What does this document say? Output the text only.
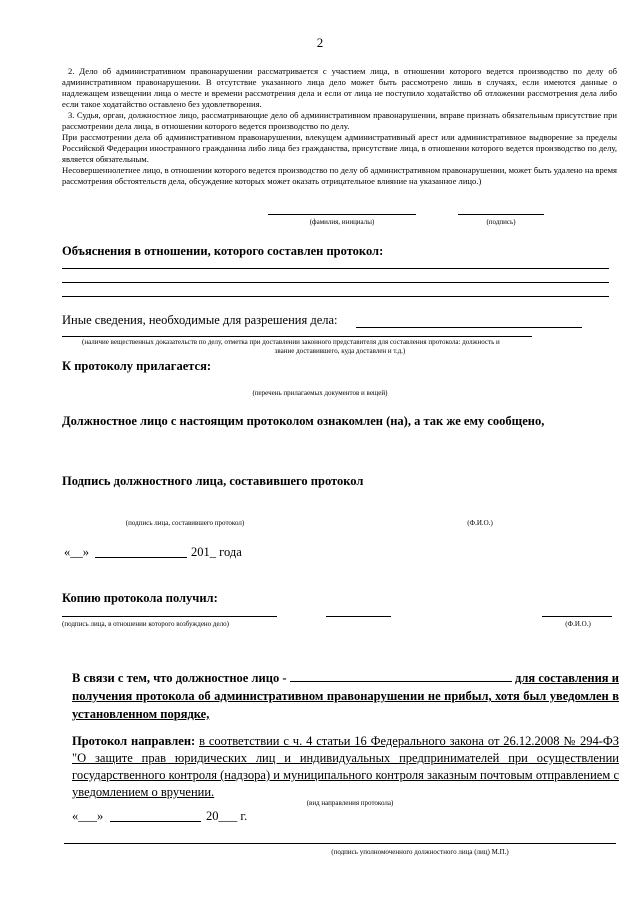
2

2. Дело об административном правонарушении рассматривается с участием лица, в отношении которого ведется производство по делу об административном правонарушении. В отсутствие указанного лица дело может быть рассмотрено лишь в случаях, если имеются данные о надлежащем извещении лица о месте и времени рассмотрения дела и если от лица не поступило ходатайство об отложении рассмотрения дела либо если такое ходатайство оставлено без удовлетворения.

3. Судья, орган, должностное лицо, рассматривающие дело об административном правонарушении, вправе признать обязательным присутствие при рассмотрении дела лица, в отношении которого ведется производство по делу.

При рассмотрении дела об административном правонарушении, влекущем административный арест или административное выдворение за пределы Российской Федерации иностранного гражданина либо лица без гражданства, присутствие лица, в отношении которого ведется производство по делу, является обязательным.

Несовершеннолетнее лицо, в отношении которого ведется производство по делу об административном правонарушении, может быть удалено на время рассмотрения обстоятельств дела, обсуждение которых может оказать отрицательное влияние на указанное лицо.)

(фамилия, инициалы)	(подпись)
Объяснения в отношении, которого составлен протокол:
Иные сведения, необходимые для разрешения дела:
(наличие вещественных доказательств по делу, отметка при доставлении законного представителя для составления протокола: должность и
звание доставившего, куда доставлен и т.д.)
К протоколу прилагается:
(перечень прилагаемых документов и вещей)
Должностное лицо с настоящим протоколом ознакомлен (на), а так же ему сообщено,
Подпись должностного лица, составившего протокол
(подпись лица, составившего протокол)	(Ф.И.О.)
«__»	201_ года
Копию протокола получил:
(подпись лица, в отношении которого возбуждено дело)	(Ф.И.О.)
В связи с тем, что должностное лицо -	для составления и получения протокола об административном правонарушении не прибыл, хотя был уведомлен в установленном порядке,
Протокол направлен: в соответствии с ч. 4 статьи 16 Федерального закона от 26.12.2008 № 294-ФЗ "О защите прав юридических лиц и индивидуальных предпринимателей при осуществлении государственного контроля (надзора) и муниципального контроля заказным почтовым отправлением с уведомлением о вручении.
(вид направления протокола)
«___»	20___ г.
(подпись уполномоченного должностного лица (лиц) М.П.)
